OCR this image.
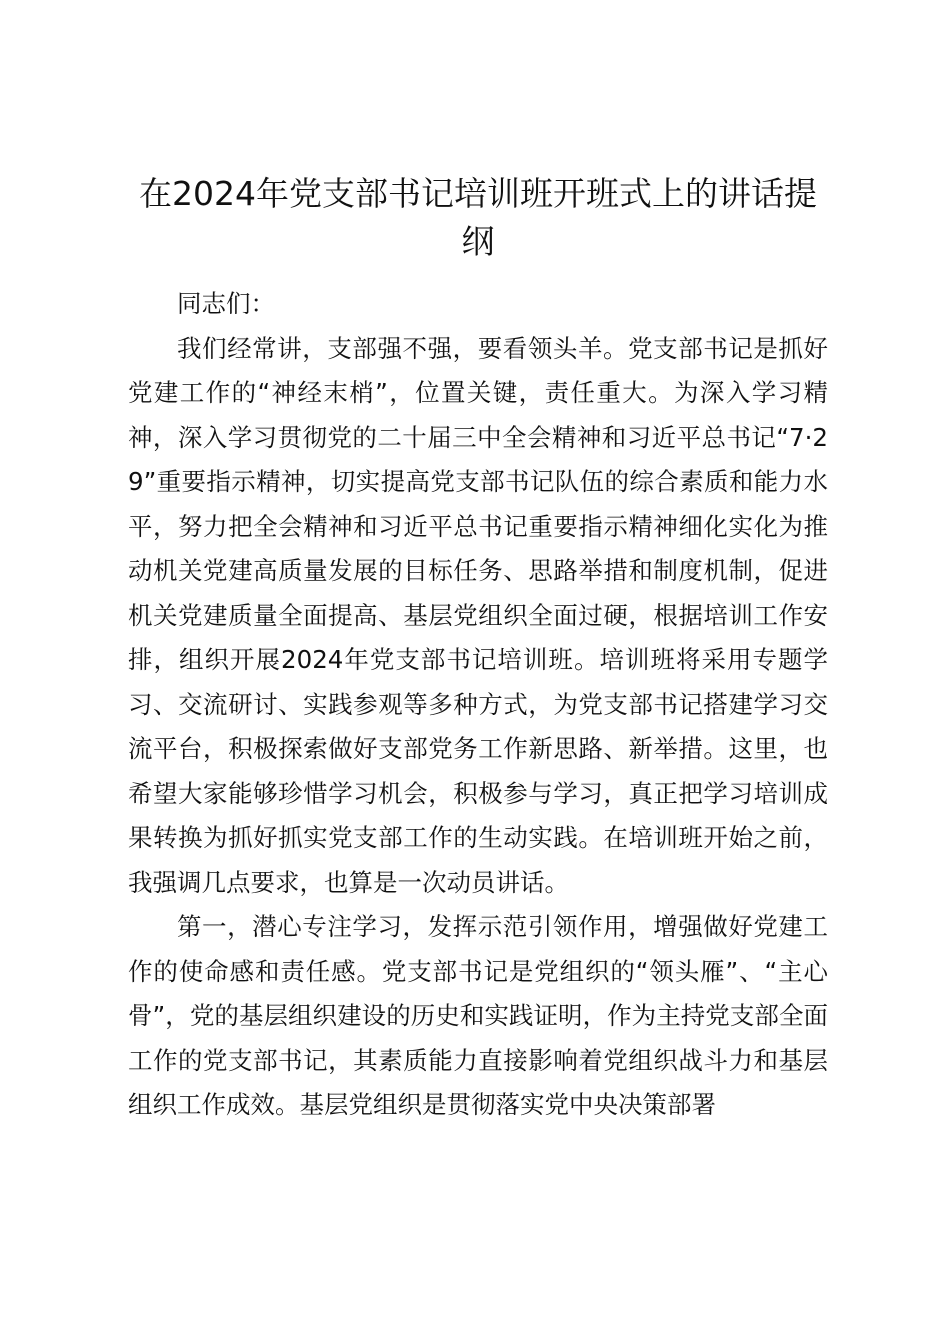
在2024年党支部书记培训班开班式上的讲话提纲

同志们：

我们经常讲，支部强不强，要看领头羊。党支部书记是抓好党建工作的“神经末梢”，位置关键，责任重大。为深入学习精神，深入学习贯彻党的二十届三中全会精神和习近平总书记“7·29”重要指示精神，切实提高党支部书记队伍的综合素质和能力水平，努力把全会精神和习近平总书记重要指示精神细化实化为推动机关党建高质量发展的目标任务、思路举措和制度机制，促进机关党建质量全面提高、基层党组织全面过硬，根据培训工作安排，组织开展2024年党支部书记培训班。培训班将采用专题学习、交流研讨、实践参观等多种方式，为党支部书记搭建学习交流平台，积极探索做好支部党务工作新思路、新举措。这里，也希望大家能够珍惜学习机会，积极参与学习，真正把学习培训成果转换为抓好抓实党支部工作的生动实践。在培训班开始之前，我强调几点要求，也算是一次动员讲话。

第一，潜心专注学习，发挥示范引领作用，增强做好党建工作的使命感和责任感。党支部书记是党组织的“领头雁”、“主心骨”，党的基层组织建设的历史和实践证明，作为主持党支部全面工作的党支部书记，其素质能力直接影响着党组织战斗力和基层组织工作成效。基层党组织是贯彻落实党中央决策部署
